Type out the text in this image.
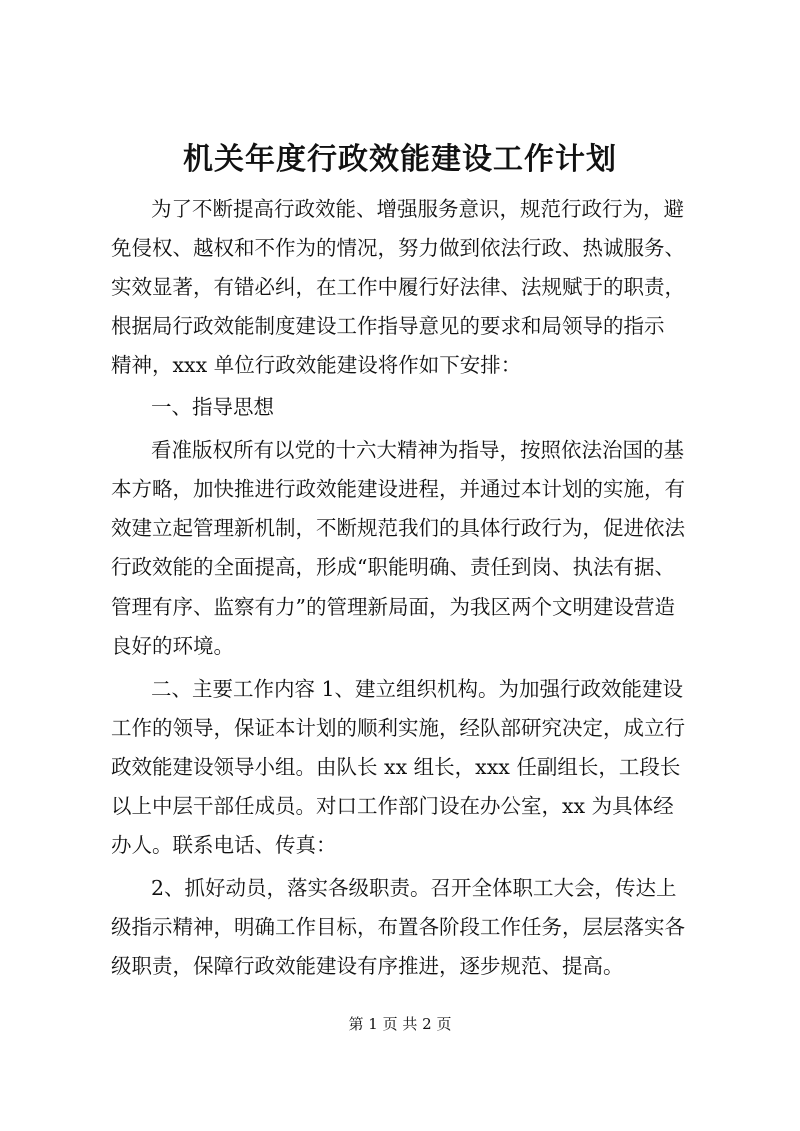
机关年度行政效能建设工作计划
为了不断提高行政效能、增强服务意识，规范行政行为，避
免侵权、越权和不作为的情况，努力做到依法行政、热诚服务、
实效显著，有错必纠，在工作中履行好法律、法规赋于的职责，
根据局行政效能制度建设工作指导意见的要求和局领导的指示
精神，xxx 单位行政效能建设将作如下安排：
一、指导思想
看准版权所有以党的十六大精神为指导，按照依法治国的基
本方略，加快推进行政效能建设进程，并通过本计划的实施，有
效建立起管理新机制，不断规范我们的具体行政行为，促进依法
行政效能的全面提高，形成“职能明确、责任到岗、执法有据、
管理有序、监察有力”的管理新局面，为我区两个文明建设营造
良好的环境。
二、主要工作内容 1、建立组织机构。为加强行政效能建设
工作的领导，保证本计划的顺利实施，经队部研究决定，成立行
政效能建设领导小组。由队长 xx 组长，xxx 任副组长，工段长
以上中层干部任成员。对口工作部门设在办公室，xx 为具体经
办人。联系电话、传真：
2、抓好动员，落实各级职责。召开全体职工大会，传达上
级指示精神，明确工作目标，布置各阶段工作任务，层层落实各
级职责，保障行政效能建设有序推进，逐步规范、提高。
第 1 页 共 2 页
